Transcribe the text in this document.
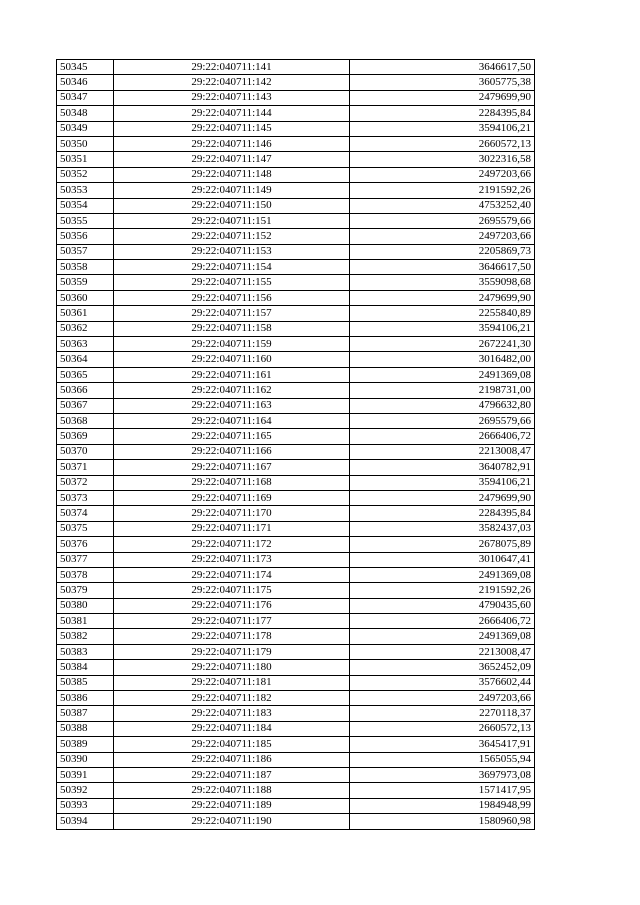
50345	29:22:040711:141	3646617,50
50346	29:22:040711:142	3605775,38
50347	29:22:040711:143	2479699,90
50348	29:22:040711:144	2284395,84
50349	29:22:040711:145	3594106,21
50350	29:22:040711:146	2660572,13
50351	29:22:040711:147	3022316,58
50352	29:22:040711:148	2497203,66
50353	29:22:040711:149	2191592,26
50354	29:22:040711:150	4753252,40
50355	29:22:040711:151	2695579,66
50356	29:22:040711:152	2497203,66
50357	29:22:040711:153	2205869,73
50358	29:22:040711:154	3646617,50
50359	29:22:040711:155	3559098,68
50360	29:22:040711:156	2479699,90
50361	29:22:040711:157	2255840,89
50362	29:22:040711:158	3594106,21
50363	29:22:040711:159	2672241,30
50364	29:22:040711:160	3016482,00
50365	29:22:040711:161	2491369,08
50366	29:22:040711:162	2198731,00
50367	29:22:040711:163	4796632,80
50368	29:22:040711:164	2695579,66
50369	29:22:040711:165	2666406,72
50370	29:22:040711:166	2213008,47
50371	29:22:040711:167	3640782,91
50372	29:22:040711:168	3594106,21
50373	29:22:040711:169	2479699,90
50374	29:22:040711:170	2284395,84
50375	29:22:040711:171	3582437,03
50376	29:22:040711:172	2678075,89
50377	29:22:040711:173	3010647,41
50378	29:22:040711:174	2491369,08
50379	29:22:040711:175	2191592,26
50380	29:22:040711:176	4790435,60
50381	29:22:040711:177	2666406,72
50382	29:22:040711:178	2491369,08
50383	29:22:040711:179	2213008,47
50384	29:22:040711:180	3652452,09
50385	29:22:040711:181	3576602,44
50386	29:22:040711:182	2497203,66
50387	29:22:040711:183	2270118,37
50388	29:22:040711:184	2660572,13
50389	29:22:040711:185	3645417,91
50390	29:22:040711:186	1565055,94
50391	29:22:040711:187	3697973,08
50392	29:22:040711:188	1571417,95
50393	29:22:040711:189	1984948,99
50394	29:22:040711:190	1580960,98
